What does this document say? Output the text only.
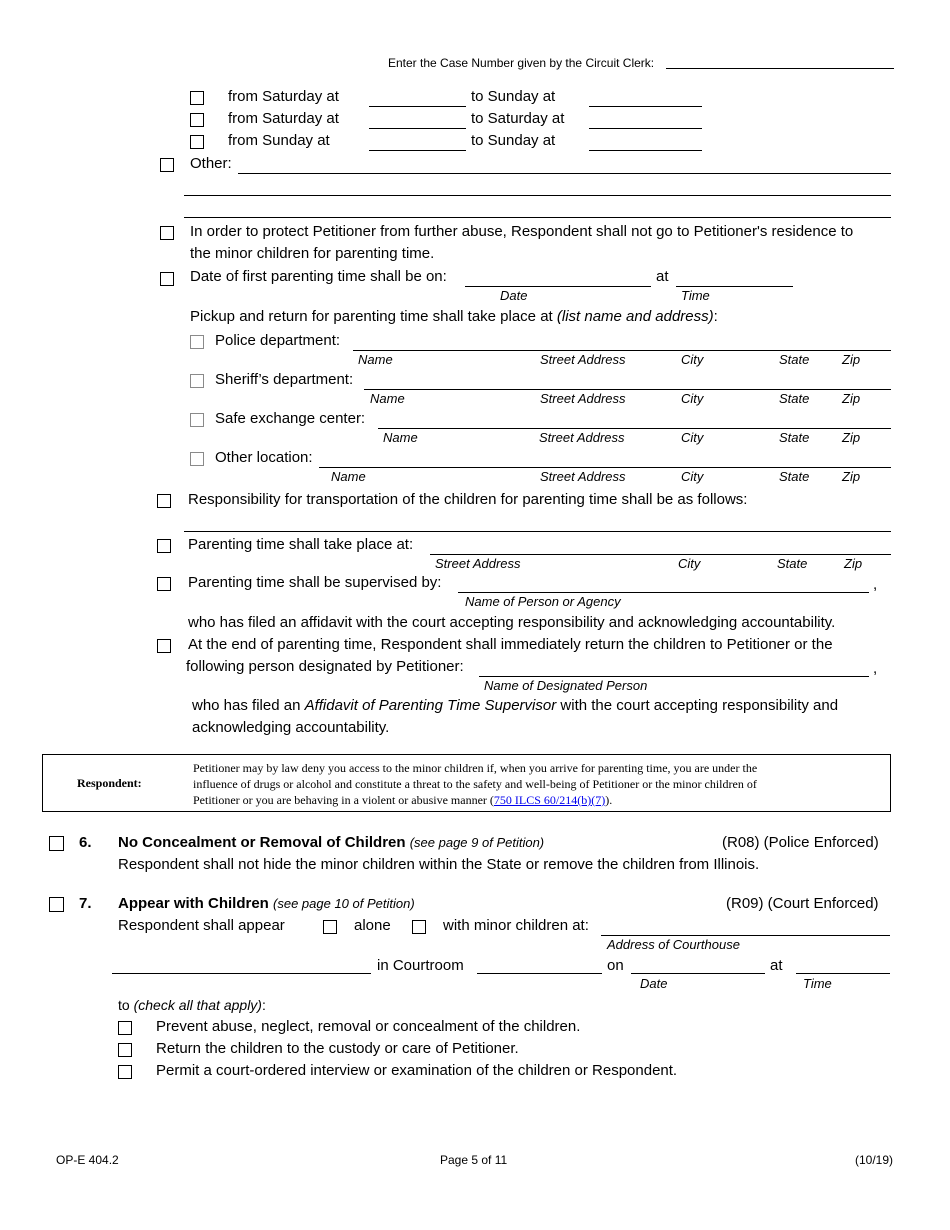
Enter the Case Number given by the Circuit Clerk:
from Saturday at	to Sunday at
from Saturday at	to Saturday at
from Sunday at	to Sunday at
Other:
In order to protect Petitioner from further abuse, Respondent shall not go to Petitioner's residence to
the minor children for parenting time.
Date of first parenting time shall be on:	at
Date	Time
Pickup and return for parenting time shall take place at (list name and address):
Police department:
Name	Street Address	City	State	Zip
Sheriff’s department:
Name	Street Address	City	State	Zip
Safe exchange center:
Name	Street Address	City	State	Zip
Other location:
Name	Street Address	City	State	Zip
Responsibility for transportation of the children for parenting time shall be as follows:
Parenting time shall take place at:
Street Address	City	State	Zip
Parenting time shall be supervised by:	,
Name of Person or Agency
who has filed an affidavit with the court accepting responsibility and acknowledging accountability.
At the end of parenting time, Respondent shall immediately return the children to Petitioner or the
following person designated by Petitioner:	,
Name of Designated Person
who has filed an Affidavit of Parenting Time Supervisor with the court accepting responsibility and
acknowledging accountability.
Respondent:
Petitioner may by law deny you access to the minor children if, when you arrive for parenting time, you are under the
influence of drugs or alcohol and constitute a threat to the safety and well-being of Petitioner or the minor children of
Petitioner or you are behaving in a violent or abusive manner (750 ILCS 60/214(b)(7)).
6. No Concealment or Removal of Children (see page 9 of Petition)	(R08) (Police Enforced)
Respondent shall not hide the minor children within the State or remove the children from Illinois.
7. Appear with Children (see page 10 of Petition)	(R09) (Court Enforced)
Respondent shall appear	alone	with minor children at:
Address of Courthouse
in Courtroom	on	at
Date	Time
to (check all that apply):
Prevent abuse, neglect, removal or concealment of the children.
Return the children to the custody or care of Petitioner.
Permit a court-ordered interview or examination of the children or Respondent.
OP-E 404.2	Page 5 of 11	(10/19)
